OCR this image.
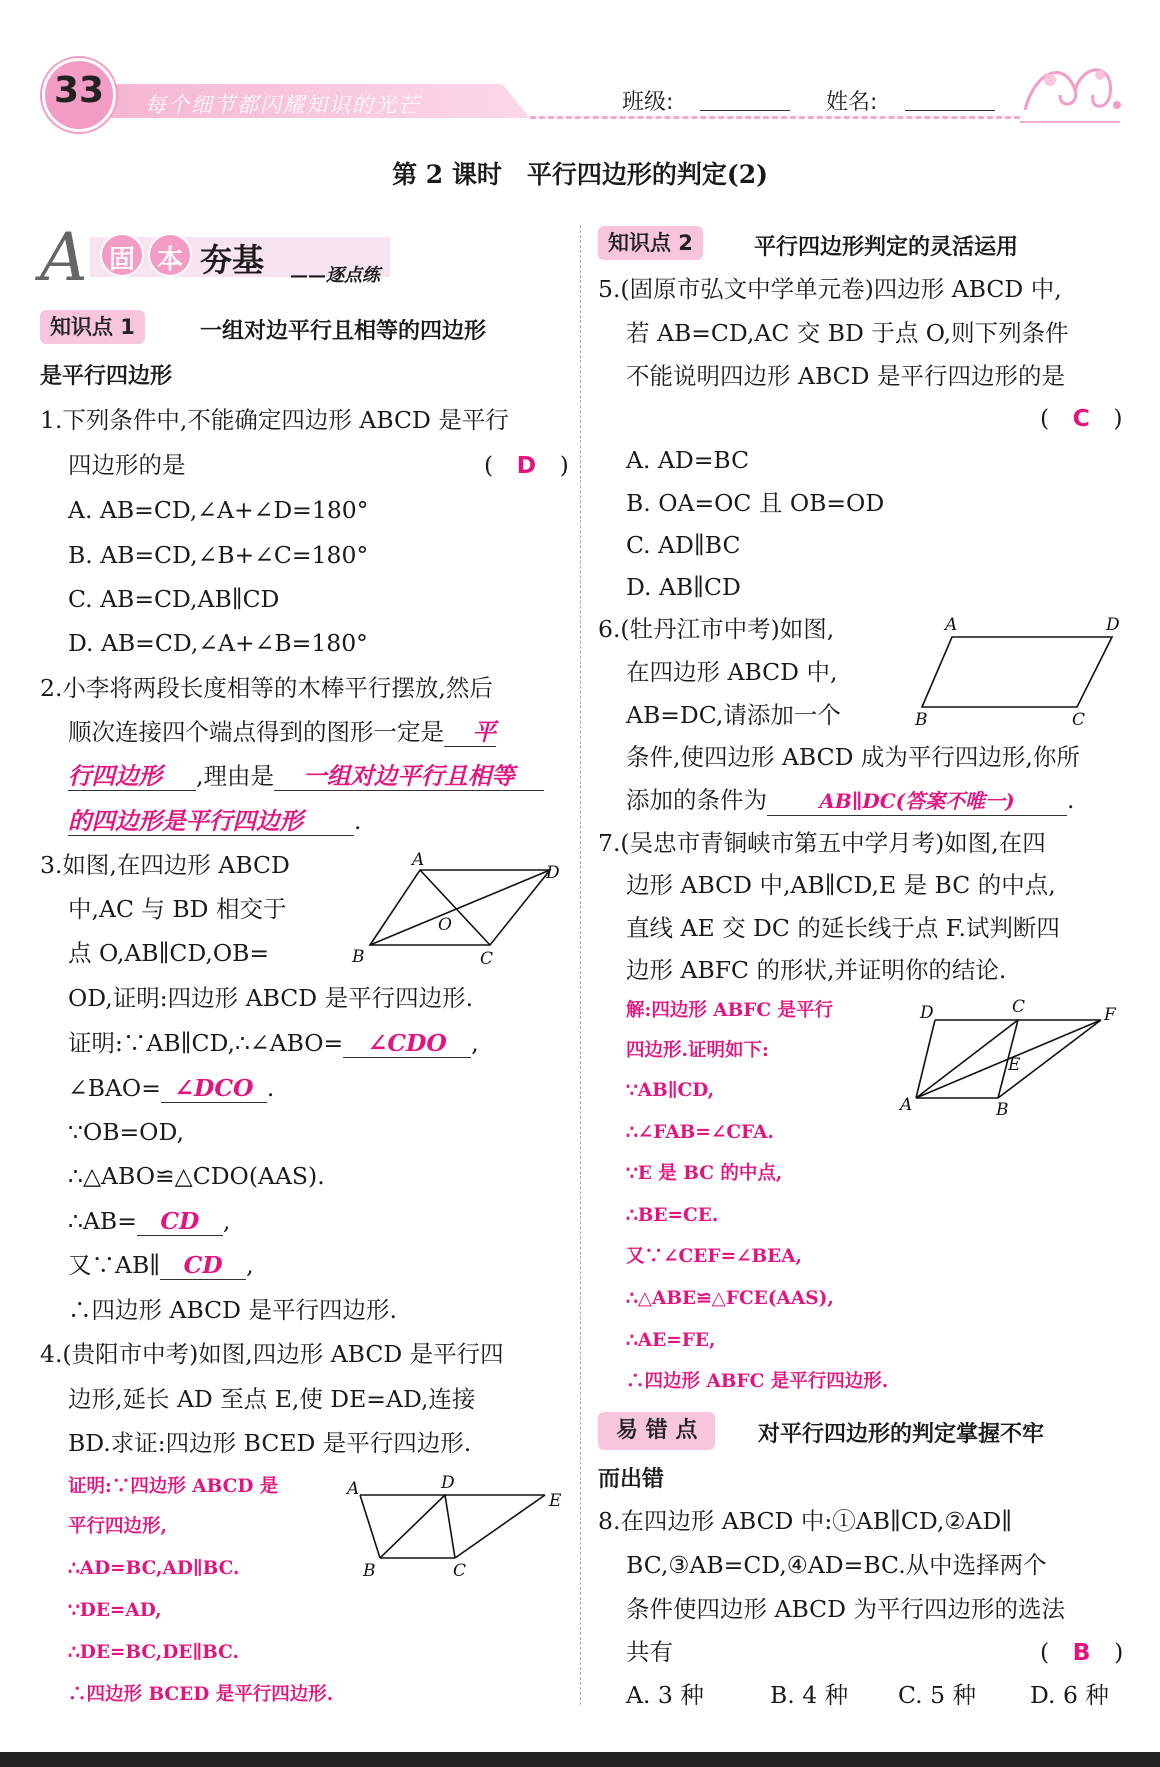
每个细节都闪耀知识的光芒
33	班级:	姓名:
第 2 课时　平行四边形的判定(2)
A 固 本 夯基 ——逐点练
知识点 1	一组对边平行且相等的四边形
是平行四边形
1.下列条件中,不能确定四边形 ABCD 是平行
四边形的是	(　D　)
A. AB=CD,∠A+∠D=180°
B. AB=CD,∠B+∠C=180°
C. AB=CD,AB∥CD
D. AB=CD,∠A+∠B=180°
2.小李将两段长度相等的木棒平行摆放,然后
顺次连接四个端点得到的图形一定是 平
行四边形 ,理由是 一组对边平行且相等
的四边形是平行四边形 .
3.如图,在四边形 ABCD
中,AC 与 BD 相交于
点 O,AB∥CD,OB=
OD,证明:四边形 ABCD 是平行四边形.
证明:∵AB∥CD,∴∠ABO= ∠CDO ,
∠BAO= ∠DCO .
∵OB=OD,
∴△ABO≌△CDO(AAS).
∴AB= CD ,
又∵AB∥ CD ,
∴四边形 ABCD 是平行四边形.
A
D
B	C
O
4.(贵阳市中考)如图,四边形 ABCD 是平行四
边形,延长 AD 至点 E,使 DE=AD,连接
BD.求证:四边形 BCED 是平行四边形.
证明:∵四边形 ABCD 是
平行四边形,
∴AD=BC,AD∥BC.
∵DE=AD,
∴DE=BC,DE∥BC.
∴四边形 BCED 是平行四边形.
A	D
E
B	C
知识点 2	平行四边形判定的灵活运用
5.(固原市弘文中学单元卷)四边形 ABCD 中,
若 AB=CD,AC 交 BD 于点 O,则下列条件
不能说明四边形 ABCD 是平行四边形的是
(　C　)
A. AD=BC
B. OA=OC 且 OB=OD
C. AD∥BC
D. AB∥CD
6.(牡丹江市中考)如图,
在四边形 ABCD 中,
AB=DC,请添加一个
条件,使四边形 ABCD 成为平行四边形,你所
添加的条件为	AB∥DC(答案不唯一) .
A	D
B	C
7.(吴忠市青铜峡市第五中学月考)如图,在四
边形 ABCD 中,AB∥CD,E 是 BC 的中点,
直线 AE 交 DC 的延长线于点 F.试判断四
边形 ABFC 的形状,并证明你的结论.
解:四边形 ABFC 是平行
四边形.证明如下:
∵AB∥CD,
∴∠FAB=∠CFA.
∵E 是 BC 的中点,
∴BE=CE.
又∵∠CEF=∠BEA,
∴△ABE≌△FCE(AAS),
∴AE=FE,
∴四边形 ABFC 是平行四边形.
D	C	F
E
A	B
易 错 点	对平行四边形的判定掌握不牢
而出错
8.在四边形 ABCD 中:①AB∥CD,②AD∥
BC,③AB=CD,④AD=BC.从中选择两个
条件使四边形 ABCD 为平行四边形的选法
共有	(　B　)
A. 3 种	B. 4 种 C. 5 种 D. 6 种
